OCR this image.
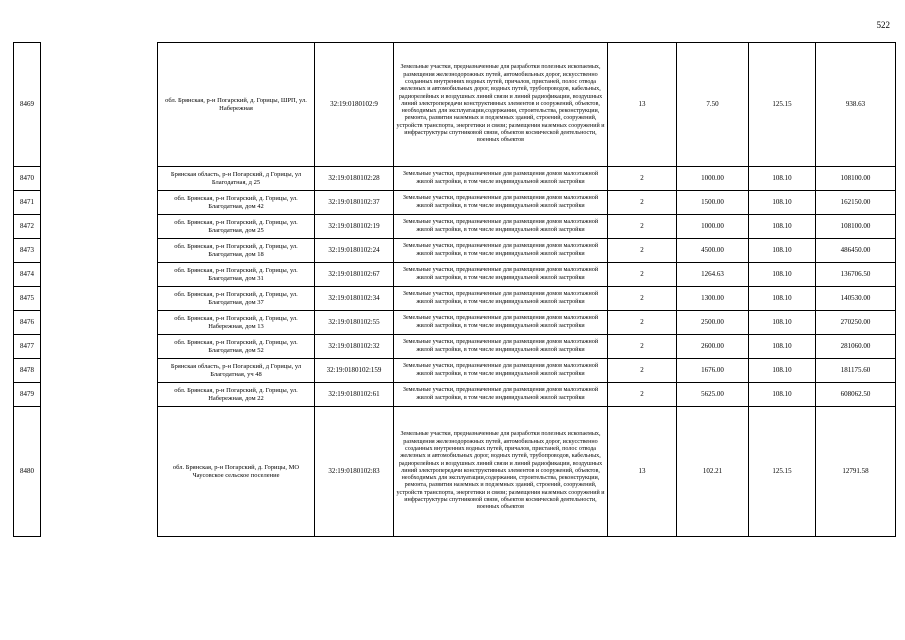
522
8469		обл. Брянская, р-н Погарский, д. Горицы, ШРП, ул. Набережная	32:19:0180102:9	Земельные участки, предназначенные для разработки полезных ископаемых, размещения железнодорожных путей, автомобильных дорог, искусственно созданных внутренних водных путей, причалов, пристаней, полос отвода железных и автомобильных дорог, водных путей, трубопроводов, кабельных, радиорелейных и воздушных линий связи и линий радиофикации, воздушных линий электропередачи конструктивных элементов и сооружений, объектов, необходимых для эксплуатации,содержания, строительства, реконструкции, ремонта, развития наземных и подземных зданий, строений, сооружений, устройств транспорта, энергетики и связи; размещения наземных сооружений и инфраструктуры спутниковой связи, объектов космической деятельности, военных объектов	13	7.50	125.15	938.63
8470		Брянская область, р-н Погарский, д Горицы, ул Благодатная, д 25	32:19:0180102:28	Земельные участки, предназначенные для размещения домов малоэтажной жилой застройки, в том числе индивидуальной жилой застройки	2	1000.00	108.10	108100.00
8471		обл. Брянская, р-н Погарский, д. Горицы, ул. Благодатная, дом 42	32:19:0180102:37	Земельные участки, предназначенные для размещения домов малоэтажной жилой застройки, в том числе индивидуальной жилой застройки	2	1500.00	108.10	162150.00
8472		обл. Брянская, р-н Погарский, д. Горицы, ул. Благодатная, дом 25	32:19:0180102:19	Земельные участки, предназначенные для размещения домов малоэтажной жилой застройки, в том числе индивидуальной жилой застройки	2	1000.00	108.10	108100.00
8473		обл. Брянская, р-н Погарский, д. Горицы, ул. Благодатная, дом 18	32:19:0180102:24	Земельные участки, предназначенные для размещения домов малоэтажной жилой застройки, в том числе индивидуальной жилой застройки	2	4500.00	108.10	486450.00
8474		обл. Брянская, р-н Погарский, д. Горицы, ул. Благодатная, дом 31	32:19:0180102:67	Земельные участки, предназначенные для размещения домов малоэтажной жилой застройки, в том числе индивидуальной жилой застройки	2	1264.63	108.10	136706.50
8475		обл. Брянская, р-н Погарский, д. Горицы, ул. Благодатная, дом 37	32:19:0180102:34	Земельные участки, предназначенные для размещения домов малоэтажной жилой застройки, в том числе индивидуальной жилой застройки	2	1300.00	108.10	140530.00
8476		обл. Брянская, р-н Погарский, д. Горицы, ул. Набережная, дом 13	32:19:0180102:55	Земельные участки, предназначенные для размещения домов малоэтажной жилой застройки, в том числе индивидуальной жилой застройки	2	2500.00	108.10	270250.00
8477		обл. Брянская, р-н Погарский, д. Горицы, ул. Благодатная, дом 52	32:19:0180102:32	Земельные участки, предназначенные для размещения домов малоэтажной жилой застройки, в том числе индивидуальной жилой застройки	2	2600.00	108.10	281060.00
8478		Брянская область, р-н Погарский, д Горицы, ул Благодатная, уч 48	32:19:0180102:159	Земельные участки, предназначенные для размещения домов малоэтажной жилой застройки, в том числе индивидуальной жилой застройки	2	1676.00	108.10	181175.60
8479		обл. Брянская, р-н Погарский, д. Горицы, ул. Набережная, дом 22	32:19:0180102:61	Земельные участки, предназначенные для размещения домов малоэтажной жилой застройки, в том числе индивидуальной жилой застройки	2	5625.00	108.10	608062.50
8480		обл. Брянская, р-н Погарский, д. Горицы, МО Чаусовское сельское поселение	32:19:0180102:83	Земельные участки, предназначенные для разработки полезных ископаемых, размещения железнодорожных путей, автомобильных дорог, искусственно созданных внутренних водных путей, причалов, пристаней, полос отвода железных и автомобильных дорог, водных путей, трубопроводов, кабельных, радиорелейных и воздушных линий связи и линий радиофикации, воздушных линий электропередачи конструктивных элементов и сооружений, объектов, необходимых для эксплуатации,содержания, строительства, реконструкции, ремонта, развития наземных и подземных зданий, строений, сооружений, устройств транспорта, энергетики и связи; размещения наземных сооружений и инфраструктуры спутниковой связи, объектов космической деятельности, военных объектов	13	102.21	125.15	12791.58
